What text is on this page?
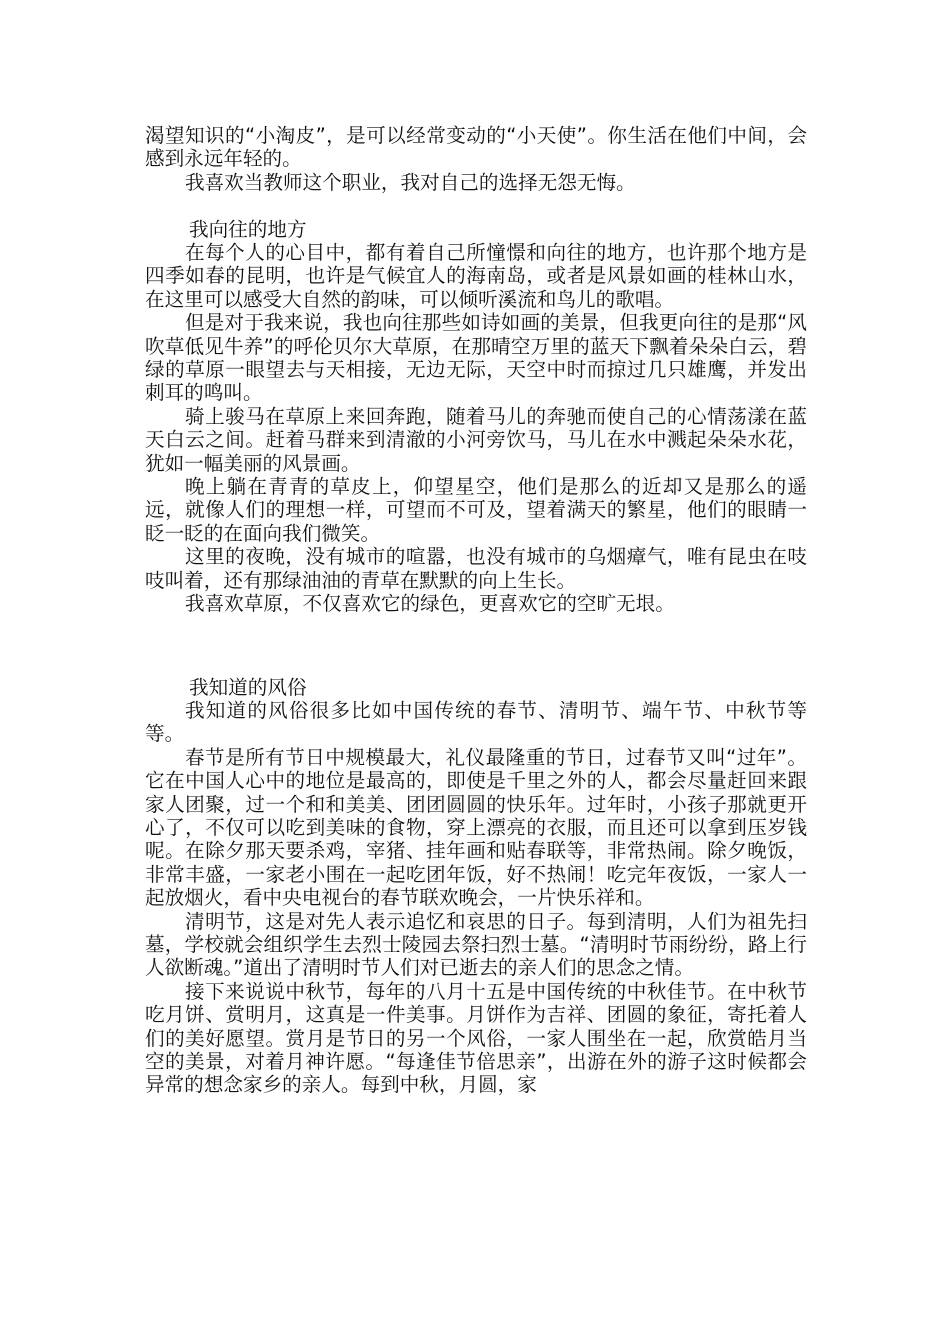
渴望知识的“小淘皮”，是可以经常变动的“小天使”。你生活在他们中间，会感到永远年轻的。

我喜欢当教师这个职业，我对自己的选择无怨无悔。

我向往的地方

在每个人的心目中，都有着自己所憧憬和向往的地方，也许那个地方是四季如春的昆明，也许是气候宜人的海南岛，或者是风景如画的桂林山水，在这里可以感受大自然的韵味，可以倾听溪流和鸟儿的歌唱。

但是对于我来说，我也向往那些如诗如画的美景，但我更向往的是那“风吹草低见牛养”的呼伦贝尔大草原，在那晴空万里的蓝天下飘着朵朵白云，碧绿的草原一眼望去与天相接，无边无际，天空中时而掠过几只雄鹰，并发出刺耳的鸣叫。

骑上骏马在草原上来回奔跑，随着马儿的奔驰而使自己的心情荡漾在蓝天白云之间。赶着马群来到清澈的小河旁饮马，马儿在水中溅起朵朵水花，犹如一幅美丽的风景画。

晚上躺在青青的草皮上，仰望星空，他们是那么的近却又是那么的遥远，就像人们的理想一样，可望而不可及，望着满天的繁星，他们的眼睛一眨一眨的在面向我们微笑。

这里的夜晚，没有城市的喧嚣，也没有城市的乌烟瘴气，唯有昆虫在吱吱叫着，还有那绿油油的青草在默默的向上生长。

我喜欢草原，不仅喜欢它的绿色，更喜欢它的空旷无垠。

我知道的风俗

我知道的风俗很多比如中国传统的春节、清明节、端午节、中秋节等等。

春节是所有节日中规模最大，礼仪最隆重的节日，过春节又叫“过年”。它在中国人心中的地位是最高的，即使是千里之外的人，都会尽量赶回来跟家人团聚，过一个和和美美、团团圆圆的快乐年。过年时，小孩子那就更开心了，不仅可以吃到美味的食物，穿上漂亮的衣服，而且还可以拿到压岁钱呢。在除夕那天要杀鸡，宰猪、挂年画和贴春联等，非常热闹。除夕晚饭，非常丰盛，一家老小围在一起吃团年饭，好不热闹！吃完年夜饭，一家人一起放烟火，看中央电视台的春节联欢晚会，一片快乐祥和。

清明节，这是对先人表示追忆和哀思的日子。每到清明，人们为祖先扫墓，学校就会组织学生去烈士陵园去祭扫烈士墓。“清明时节雨纷纷，路上行人欲断魂。”道出了清明时节人们对已逝去的亲人们的思念之情。

接下来说说中秋节，每年的八月十五是中国传统的中秋佳节。在中秋节吃月饼、赏明月，这真是一件美事。月饼作为吉祥、团圆的象征，寄托着人们的美好愿望。赏月是节日的另一个风俗，一家人围坐在一起，欣赏皓月当空的美景，对着月神许愿。“每逢佳节倍思亲”，出游在外的游子这时候都会异常的想念家乡的亲人。每到中秋，月圆，家
